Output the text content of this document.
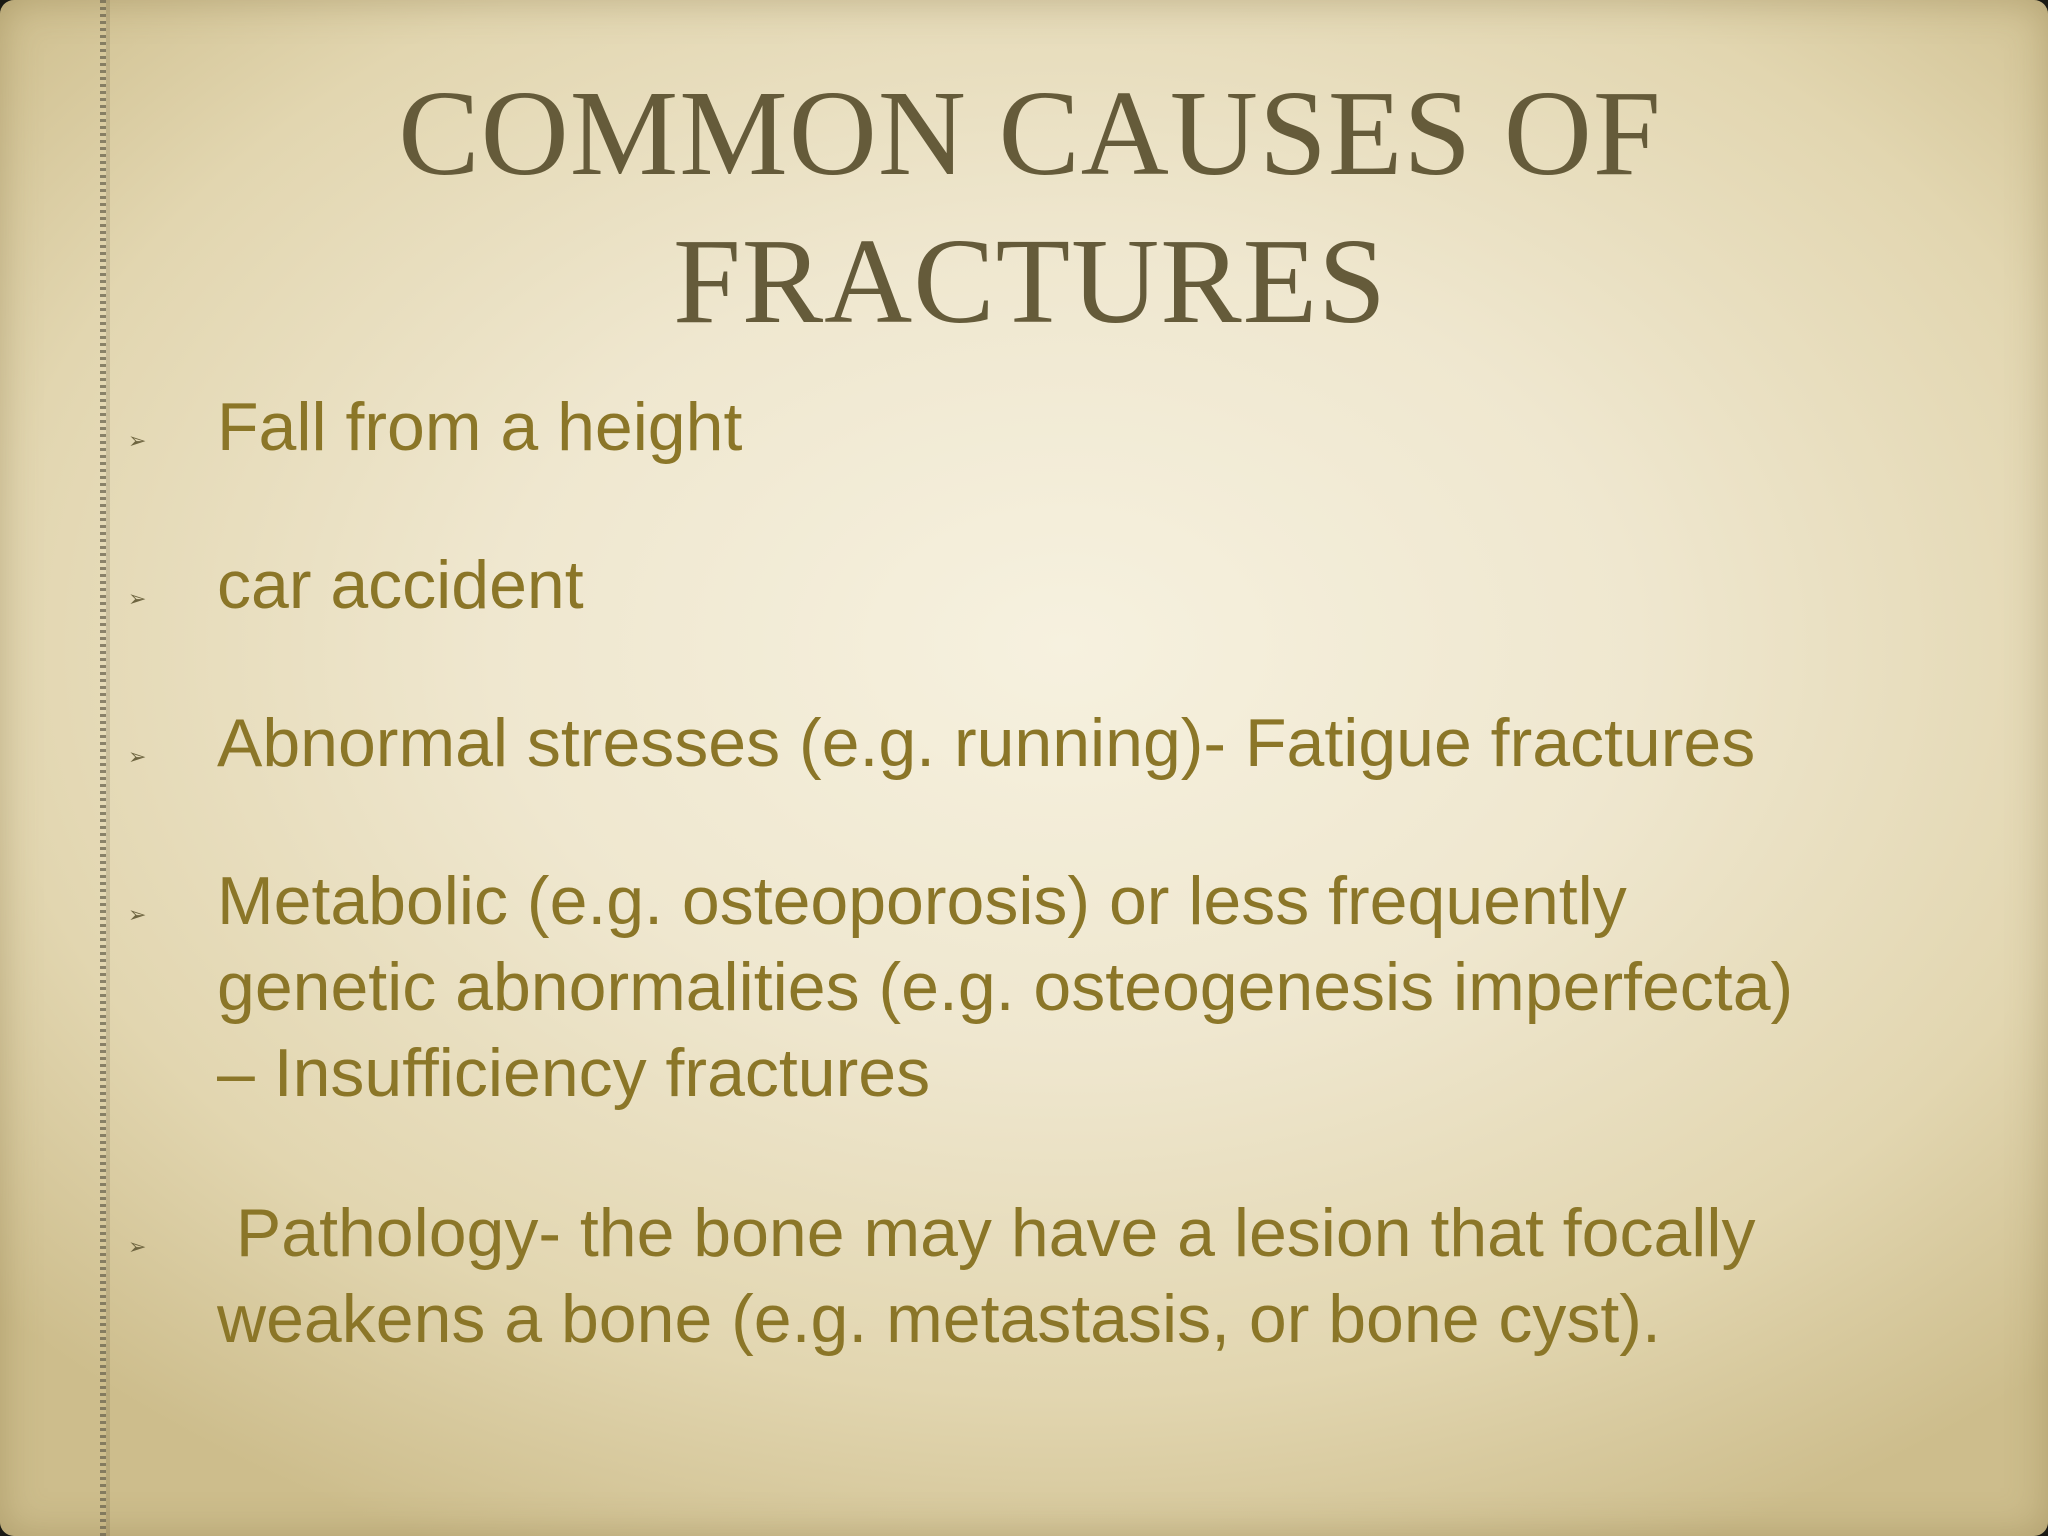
COMMON CAUSES OF
FRACTURES
➢ Fall from a height
➢ car accident
➢ Abnormal stresses (e.g. running)- Fatigue fractures
➢ Metabolic (e.g. osteoporosis) or less frequently
genetic abnormalities (e.g. osteogenesis imperfecta)
– Insufficiency fractures
➢ Pathology- the bone may have a lesion that focally
weakens a bone (e.g. metastasis, or bone cyst).
